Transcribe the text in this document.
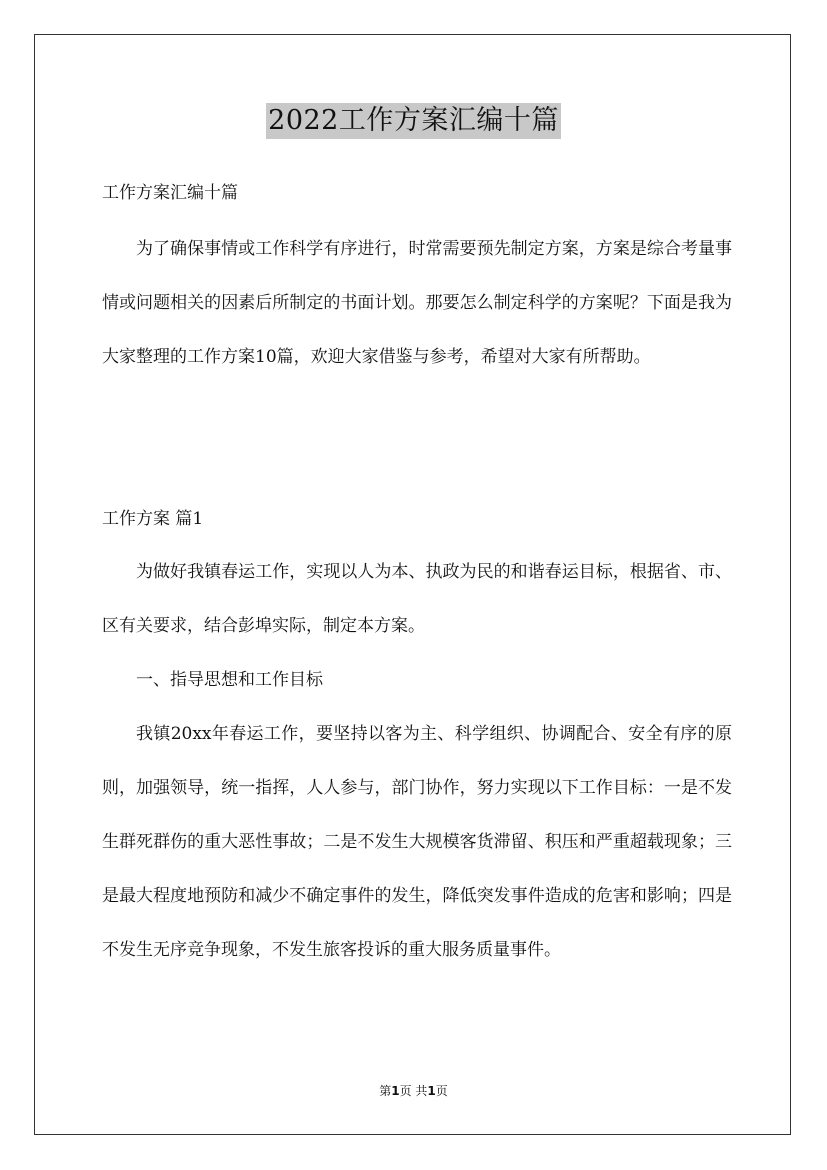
2022工作方案汇编十篇
工作方案汇编十篇

为了确保事情或工作科学有序进行，时常需要预先制定方案，方案是综合考量事情或问题相关的因素后所制定的书面计划。那要怎么制定科学的方案呢？下面是我为大家整理的工作方案10篇，欢迎大家借鉴与参考，希望对大家有所帮助。

工作方案 篇1

为做好我镇春运工作，实现以人为本、执政为民的和谐春运目标，根据省、市、区有关要求，结合彭埠实际，制定本方案。

一、指导思想和工作目标

我镇20xx年春运工作，要坚持以客为主、科学组织、协调配合、安全有序的原则，加强领导，统一指挥，人人参与，部门协作，努力实现以下工作目标：一是不发生群死群伤的重大恶性事故；二是不发生大规模客货滞留、积压和严重超载现象；三是最大程度地预防和减少不确定事件的发生，降低突发事件造成的危害和影响；四是不发生无序竞争现象，不发生旅客投诉的重大服务质量事件。

第1页 共1页
